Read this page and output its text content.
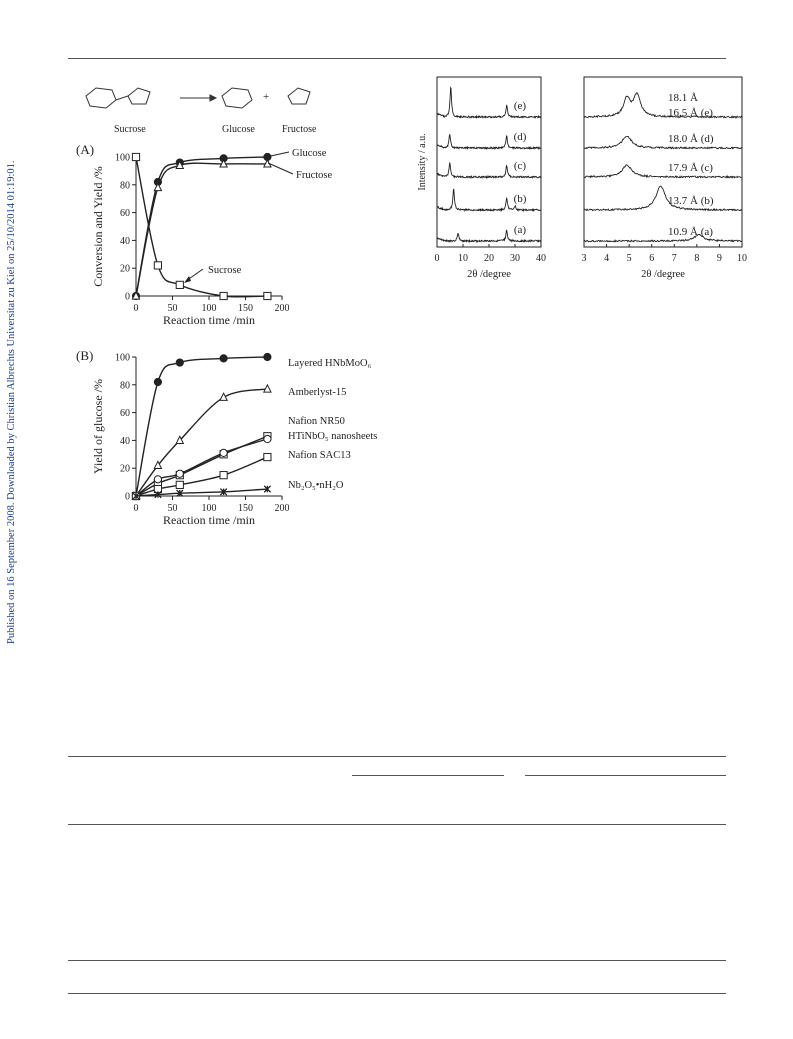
Published on 16 September 2008. Downloaded by Christian Albrechts Universitat zu Kiel on 25/10/2014 01:19:01.
+
Sucrose	Glucose	Fructose
(A)
0
20
40
60
80
100
0	50 100 150 200
Reaction time /min
Conversion and Yield /%
Glucose
Fructose
Sucrose
(B)
0
20
40
60
80
100
0	50 100 150 200
Reaction time /min
Yield of glucose /%
Layered HNbMoO₆
Amberlyst-15
Nafion NR50
HTiNbO₅ nanosheets
Nafion SAC13
Nb₂O₅•nH₂O
0 10 20 30 40
2θ /degree
(a)
(b)
(c)
(d)
(e)
Intensity / a.u.
3 4 5 6 7 8 9 10
2θ /degree
10.9 Å (a)
13.7 Å (b)
17.9 Å (c)
18.0 Å (d)
18.1 Å
16.5 Å (e)
